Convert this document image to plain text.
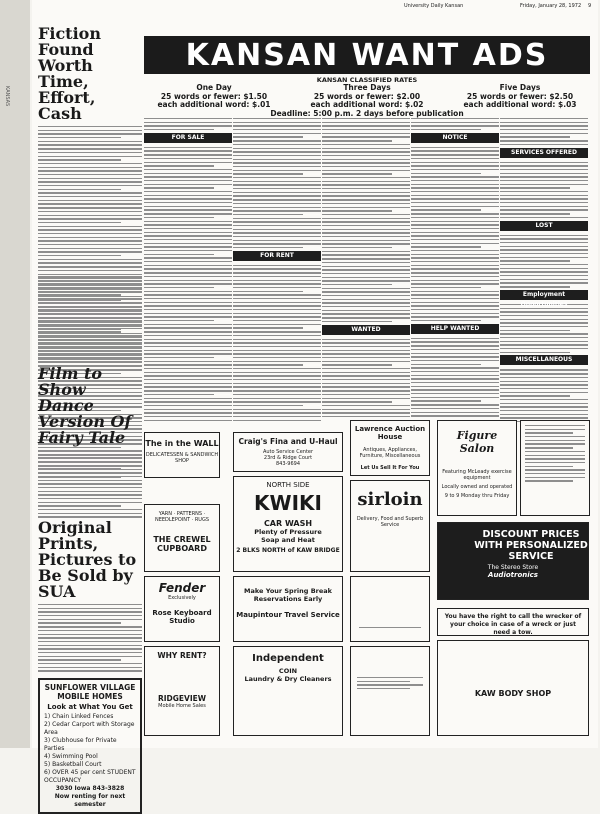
KANSAS
University Daily Kansan	Friday, January 28, 1972 9
Fiction Found Worth Time, Effort, Cash
Film to Show Dance Version Of Fairy Tale
Original Prints, Pictures to Be Sold by SUA
SUNFLOWER VILLAGE MOBILE HOMES
Look at What You Get
1) Chain Linked Fences
2) Cedar Carport with Storage Area
3) Clubhouse for Private Parties
4) Swimming Pool
5) Basketball Court
6) OVER 45 per cent STUDENT OCCUPANCY
3030 Iowa 843-3828
Now renting for next semester
KANSAN WANT ADS
KANSAN CLASSIFIED RATES
One Day
25 words or fewer: $1.50
each additional word: $.01
Three Days
25 words or fewer: $2.00
each additional word: $.02
Five Days
25 words or fewer: $2.50
each additional word: $.03
Deadline: 5:00 p.m. 2 days before publication
FOR SALE
FOR RENT
WANTED
NOTICE
HELP WANTED
SERVICES OFFERED
LOST
Employment Opportunities
MISCELLANEOUS
The in the WALL
DELICATESSEN & SANDWICH SHOP
YARN · PATTERNS · NEEDLEPOINT · RUGS
THE CREWEL CUPBOARD
Fender
Exclusively
Rose Keyboard Studio
WHY RENT?
RIDGEVIEW
Mobile Home Sales
Craig's Fina and U-Haul
Auto Service Center
23rd & Ridge Court
843-9694
NORTH SIDE
KWIKI
CAR WASH
Plenty of Pressure
Soap and Heat
2 BLKS NORTH of KAW BRIDGE
Make Your Spring Break Reservations Early
Maupintour Travel Service
Independent
COIN
Laundry & Dry Cleaners
Lawrence Auction House
Antiques, Appliances, Furniture, Miscellaneous
Let Us Sell It For You
sirloin
Delivery, Food and Superb Service
Figure Salon
Featuring McLeady exercise equipment
Locally owned and operated
9 to 9 Monday thru Friday
DISCOUNT PRICES WITH PERSONALIZED SERVICE
The Stereo Store
Audiotronics
You have the right to call the wrecker of your choice in case of a wreck or just need a tow.
KAW BODY SHOP
